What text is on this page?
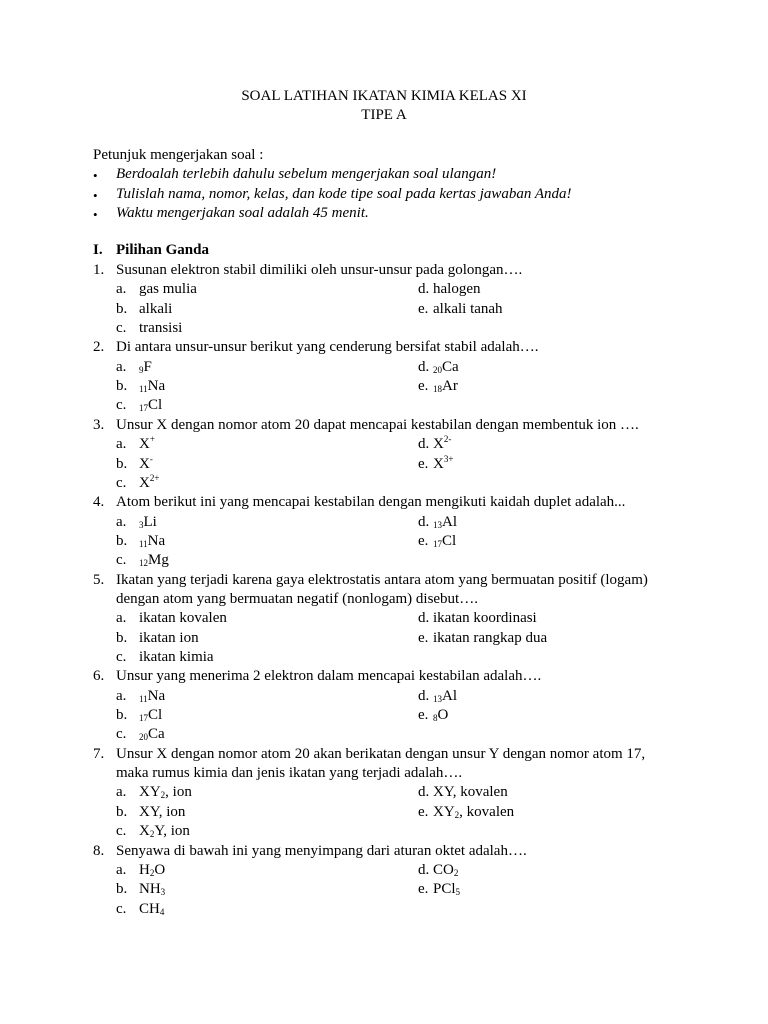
SOAL LATIHAN IKATAN KIMIA KELAS XI
TIPE A
Petunjuk mengerjakan soal :
• Berdoalah terlebih dahulu sebelum mengerjakan soal ulangan!
• Tulislah nama, nomor, kelas, dan kode tipe soal pada kertas jawaban Anda!
• Waktu mengerjakan soal adalah 45 menit.
I. Pilihan Ganda
1. Susunan elektron stabil dimiliki oleh unsur-unsur pada golongan….
a. gas mulia	d. halogen
b. alkali	e. alkali tanah
c. transisi
2. Di antara unsur-unsur berikut yang cenderung bersifat stabil adalah….
a. $_9$F	d. $_{20}$Ca
b. $_{11}$Na	e. $_{18}$Ar
c. $_{17}$Cl
3. Unsur X dengan nomor atom 20 dapat mencapai kestabilan dengan membentuk ion ….
a. X+	d. $X^{2-}$
b. X-	e. $X^{3+}$
c. $X^{2+}$
4. Atom berikut ini yang mencapai kestabilan dengan mengikuti kaidah duplet adalah...
a. $_3$Li	d. $_{13}$Al
b. $_{11}$Na	e. $_{17}$Cl
c. $_{12}$Mg
5. Ikatan yang terjadi karena gaya elektrostatis antara atom yang bermuatan positif (logam)
dengan atom yang bermuatan negatif (nonlogam) disebut….
a. ikatan kovalen	d. ikatan koordinasi
b. ikatan ion	e. ikatan rangkap dua
c. ikatan kimia
6. Unsur yang menerima 2 elektron dalam mencapai kestabilan adalah….
a. $_{11}$Na	d. $_{13}$Al
b. $_{17}$Cl	e. $_8$O
c. $_{20}$Ca
7. Unsur X dengan nomor atom 20 akan berikatan dengan unsur Y dengan nomor atom 17,
maka rumus kimia dan jenis ikatan yang terjadi adalah….
a. $XY_2$, ion	d. XY, kovalen
b. XY, ion	e. $XY_2$, kovalen
c. $X_2Y$, ion
8. Senyawa di bawah ini yang menyimpang dari aturan oktet adalah….
a. $H_2O$	d. $CO_2$
b. $NH_3$	e. PCl$_5$
c. $CH_4$
